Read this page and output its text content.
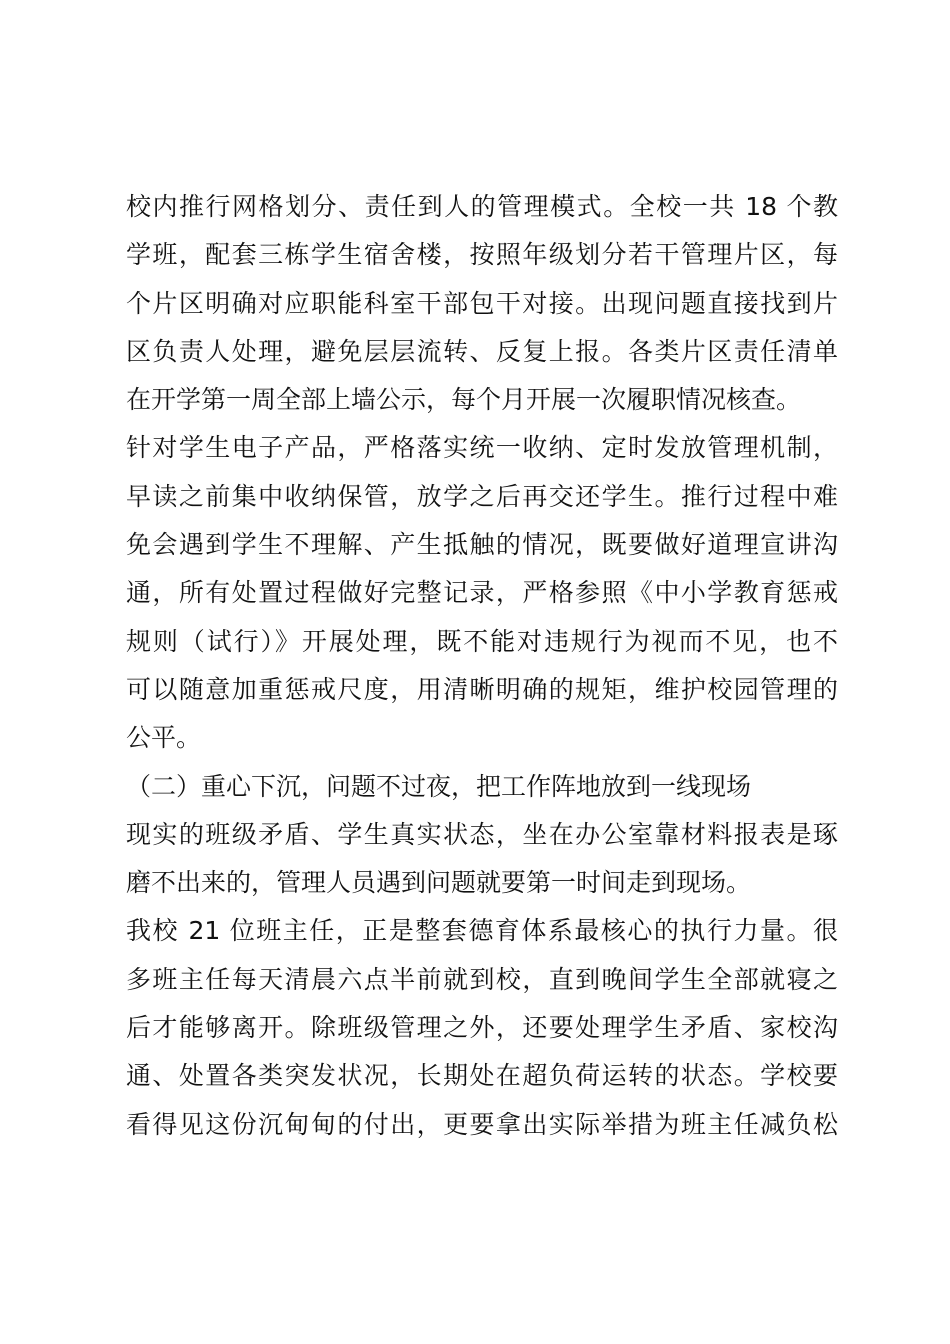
校内推行网格划分、责任到人的管理模式。全校一共 18 个教
学班，配套三栋学生宿舍楼，按照年级划分若干管理片区，每
个片区明确对应职能科室干部包干对接。出现问题直接找到片
区负责人处理，避免层层流转、反复上报。各类片区责任清单
在开学第一周全部上墙公示，每个月开展一次履职情况核查。
针对学生电子产品，严格落实统一收纳、定时发放管理机制，
早读之前集中收纳保管，放学之后再交还学生。推行过程中难
免会遇到学生不理解、产生抵触的情况，既要做好道理宣讲沟
通，所有处置过程做好完整记录，严格参照《中小学教育惩戒
规则（试行）》开展处理，既不能对违规行为视而不见，也不
可以随意加重惩戒尺度，用清晰明确的规矩，维护校园管理的
公平。
（二）重心下沉，问题不过夜，把工作阵地放到一线现场
现实的班级矛盾、学生真实状态，坐在办公室靠材料报表是琢
磨不出来的，管理人员遇到问题就要第一时间走到现场。
我校 21 位班主任，正是整套德育体系最核心的执行力量。很
多班主任每天清晨六点半前就到校，直到晚间学生全部就寝之
后才能够离开。除班级管理之外，还要处理学生矛盾、家校沟
通、处置各类突发状况，长期处在超负荷运转的状态。学校要
看得见这份沉甸甸的付出，更要拿出实际举措为班主任减负松
